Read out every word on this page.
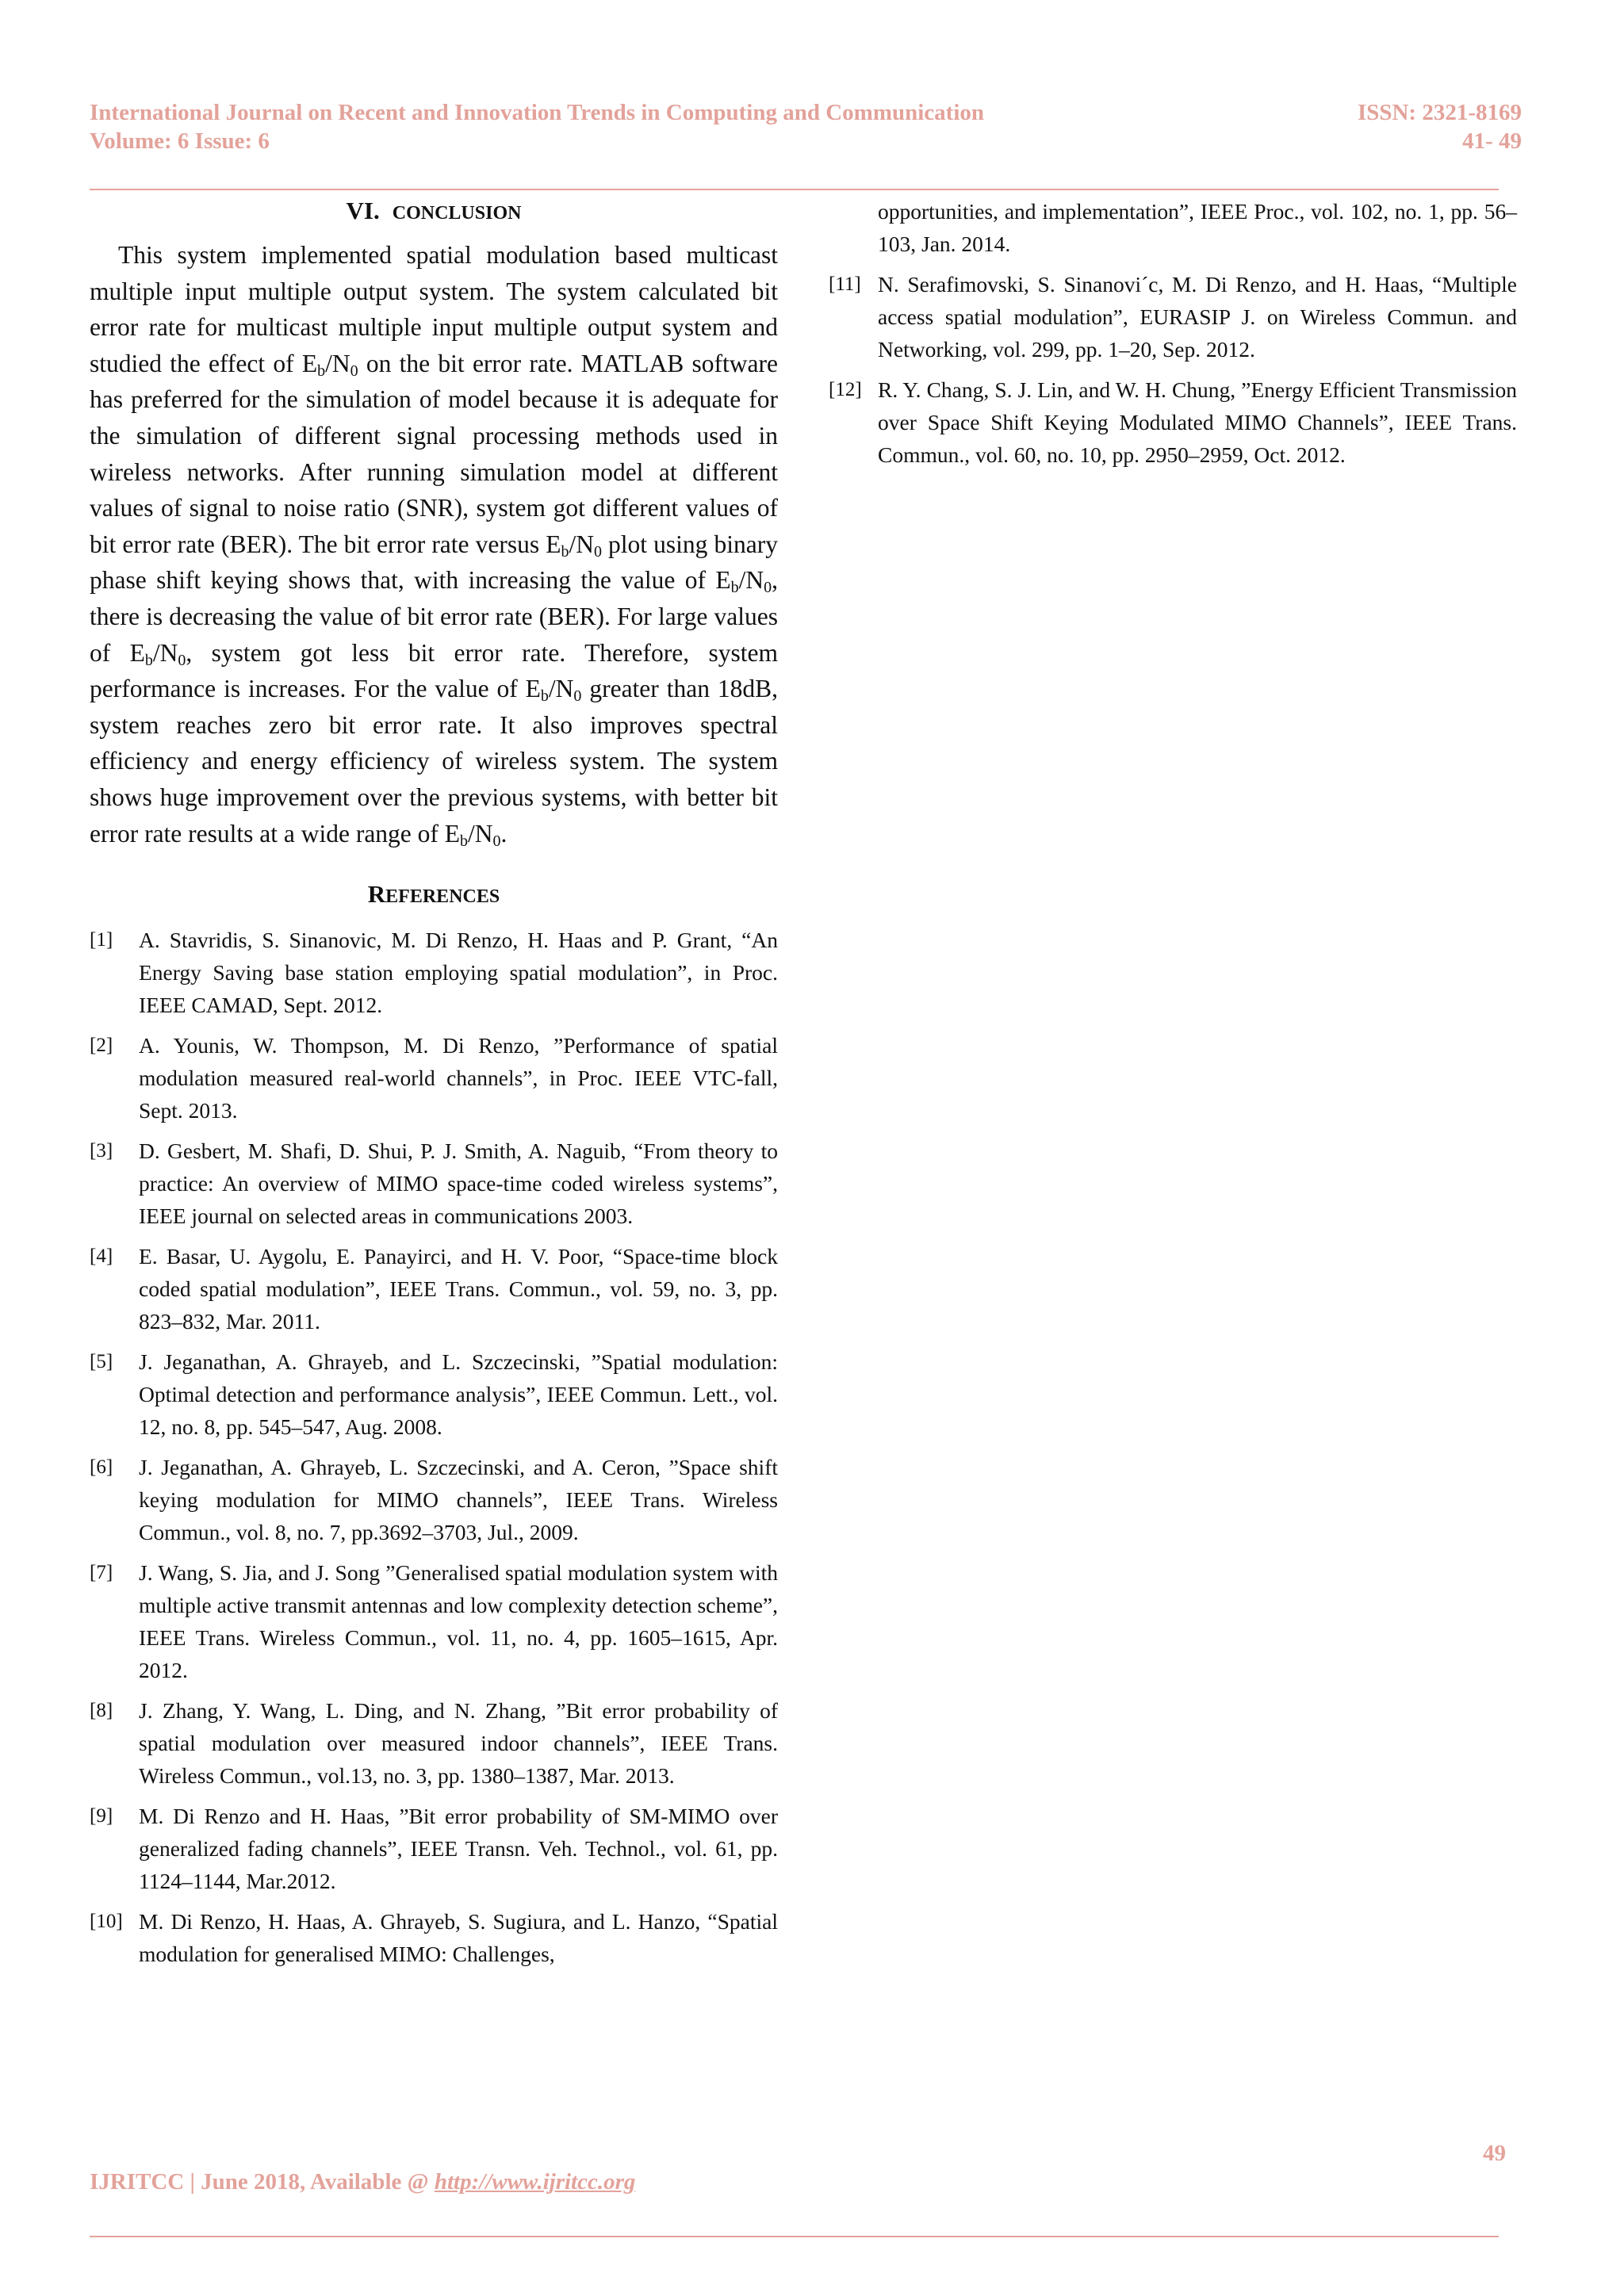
International Journal on Recent and Innovation Trends in Computing and Communication	ISSN: 2321-8169
Volume: 6 Issue: 6	41- 49
VI. CONCLUSION

This system implemented spatial modulation based multicast multiple input multiple output system. The system calculated bit error rate for multicast multiple input multiple output system and studied the effect of $E_b/N_0$ on the bit error rate. MATLAB software has preferred for the simulation of model because it is adequate for the simulation of different signal processing methods used in wireless networks. After running simulation model at different values of signal to noise ratio (SNR), system got different values of bit error rate (BER). The bit error rate versus $E_b/N_0$ plot using binary phase shift keying shows that, with increasing the value of $E_b/N_0$, there is decreasing the value of bit error rate (BER). For large values of $E_b/N_0$, system got less bit error rate. Therefore, system performance is increases. For the value of $E_b/N_0$ greater than 18dB, system reaches zero bit error rate. It also improves spectral efficiency and energy efficiency of wireless system. The system shows huge improvement over the previous systems, with better bit error rate results at a wide range of $E_b/N_0$.

REFERENCES
[1]	A. Stavridis, S. Sinanovic, M. Di Renzo, H. Haas and P. Grant, “An Energy Saving base station employing spatial modulation”, in Proc. IEEE CAMAD, Sept. 2012.
[2]	A. Younis, W. Thompson, M. Di Renzo, ”Performance of spatial modulation measured real-world channels”, in Proc. IEEE VTC-fall, Sept. 2013.
[3]	D. Gesbert, M. Shafi, D. Shui, P. J. Smith, A. Naguib, “From theory to practice: An overview of MIMO space-time coded wireless systems”, IEEE journal on selected areas in communications 2003.
[4]	E. Basar, U. Aygolu, E. Panayirci, and H. V. Poor, “Space-time block coded spatial modulation”, IEEE Trans. Commun., vol. 59, no. 3, pp. 823–832, Mar. 2011.
[5]	J. Jeganathan, A. Ghrayeb, and L. Szczecinski, ”Spatial modulation: Optimal detection and performance analysis”, IEEE Commun. Lett., vol. 12, no. 8, pp. 545–547, Aug. 2008.
[6]	J. Jeganathan, A. Ghrayeb, L. Szczecinski, and A. Ceron, ”Space shift keying modulation for MIMO channels”, IEEE Trans. Wireless Commun., vol. 8, no. 7, pp.3692–3703, Jul., 2009.
[7]	J. Wang, S. Jia, and J. Song ”Generalised spatial modulation system with multiple active transmit antennas and low complexity detection scheme”, IEEE Trans. Wireless Commun., vol. 11, no. 4, pp. 1605–1615, Apr. 2012.
[8]	J. Zhang, Y. Wang, L. Ding, and N. Zhang, ”Bit error probability of spatial modulation over measured indoor channels”, IEEE Trans. Wireless Commun., vol.13, no. 3, pp. 1380–1387, Mar. 2013.
[9]	M. Di Renzo and H. Haas, ”Bit error probability of SM-MIMO over generalized fading channels”, IEEE Transn. Veh. Technol., vol. 61, pp. 1124–1144, Mar.2012.
[10] M. Di Renzo, H. Haas, A. Ghrayeb, S. Sugiura, and L. Hanzo, “Spatial modulation for generalised MIMO: Challenges,
opportunities, and implementation”, IEEE Proc., vol. 102, no. 1, pp. 56–103, Jan. 2014.
[11] N. Serafimovski, S. Sinanovi´c, M. Di Renzo, and H. Haas, “Multiple access spatial modulation”, EURASIP J. on Wireless Commun. and Networking, vol. 299, pp. 1–20, Sep. 2012.
[12] R. Y. Chang, S. J. Lin, and W. H. Chung, ”Energy Efficient Transmission over Space Shift Keying Modulated MIMO Channels”, IEEE Trans. Commun., vol. 60, no. 10, pp. 2950–2959, Oct. 2012.
49
IJRITCC | June 2018, Available @ http://www.ijritcc.org
